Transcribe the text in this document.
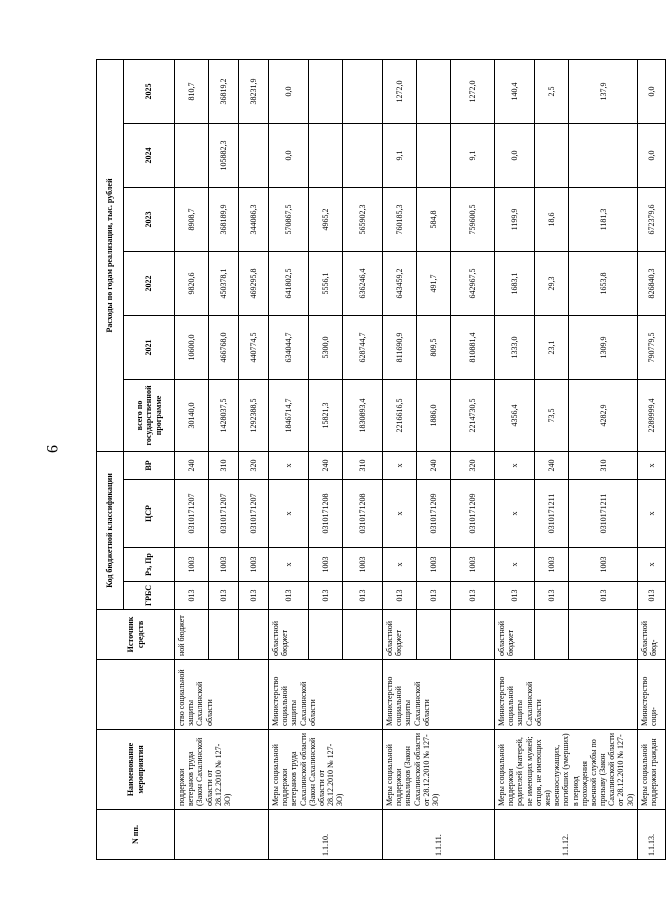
9
N пп.	Наименование мероприятия		Источник средств	Код бюджетной классификации				Расходы по годам реализации, тыс. рублей					
				ГРБС	Рз, Пр	ЦСР	ВР	всего по государственной программе	2021	2022	2023	2024	2025
	поддержки ветеранов труда (Закон Сахалинской области от 28.12.2010 № 127-ЗО)	ство социальной защиты Сахалинской области	ной бюджет	013	1003	0310171207	240	30140,0	10600,0	9820,6	8908,7		810,7
				013	1003	0310171207	310	1428037,5	466768,0	450378,1	368189,9	105882,3	36819,2
				013	1003	0310171207	320	1292388,5	440774,5	469295,8	344086,3		38231,9
1.1.10.	Меры социальной поддержки ветеранов труда Сахалинской области (Закон Сахалинской области от 28.12.2010 № 127-ЗО)	Министерство социальной защиты Сахалинской области	областной бюджет	013	х	х	х	1846714,7	634044,7	641802,5	570867,5	0,0	0,0
				013	1003	0310171208	240	15821,3	5300,0	5556,1	4965,2		
				013	1003	0310171208	310	1830893,4	628744,7	636246,4	565902,3		
1.1.11.	Меры социальной поддержки инвалидов (Закон Сахалинской области от 28.12.2010 № 127-ЗО)	Министерство социальной защиты Сахалинской области	областной бюджет	013	х	х	х	2216616,5	811690,9	643459,2	760185,3	9,1	1272,0
				013	1003	0310171209	240	1886,0	809,5	491,7	584,8		
				013	1003	0310171209	320	2214730,5	810881,4	642967,5	759600,5	9,1	1272,0
1.1.12.	Меры социальной поддержки родителей (матерей, не имеющих мужей; отцов, не имеющих жен) военнослужащих, погибших (умерших) в период прохождения военной службы по призыву (Закон Сахалинской области от 28.12.2010 № 127-ЗО)	Министерство социальной защиты Сахалинской области	областной бюджет	013	х	х	х	4356,4	1333,0	1683,1	1199,9	0,0	140,4
				013	1003	0310171211	240	73,5	23,1	29,3	18,6		2,5
				013	1003	0310171211	310	4282,9	1309,9	1653,8	1181,3		137,9
1.1.13.	Меры социальной поддержки граждан	Министерство соци-	областной бюд-	013	х	х	х	2289999,4	790779,5	826840,3	672379,6	0,0	0,0
